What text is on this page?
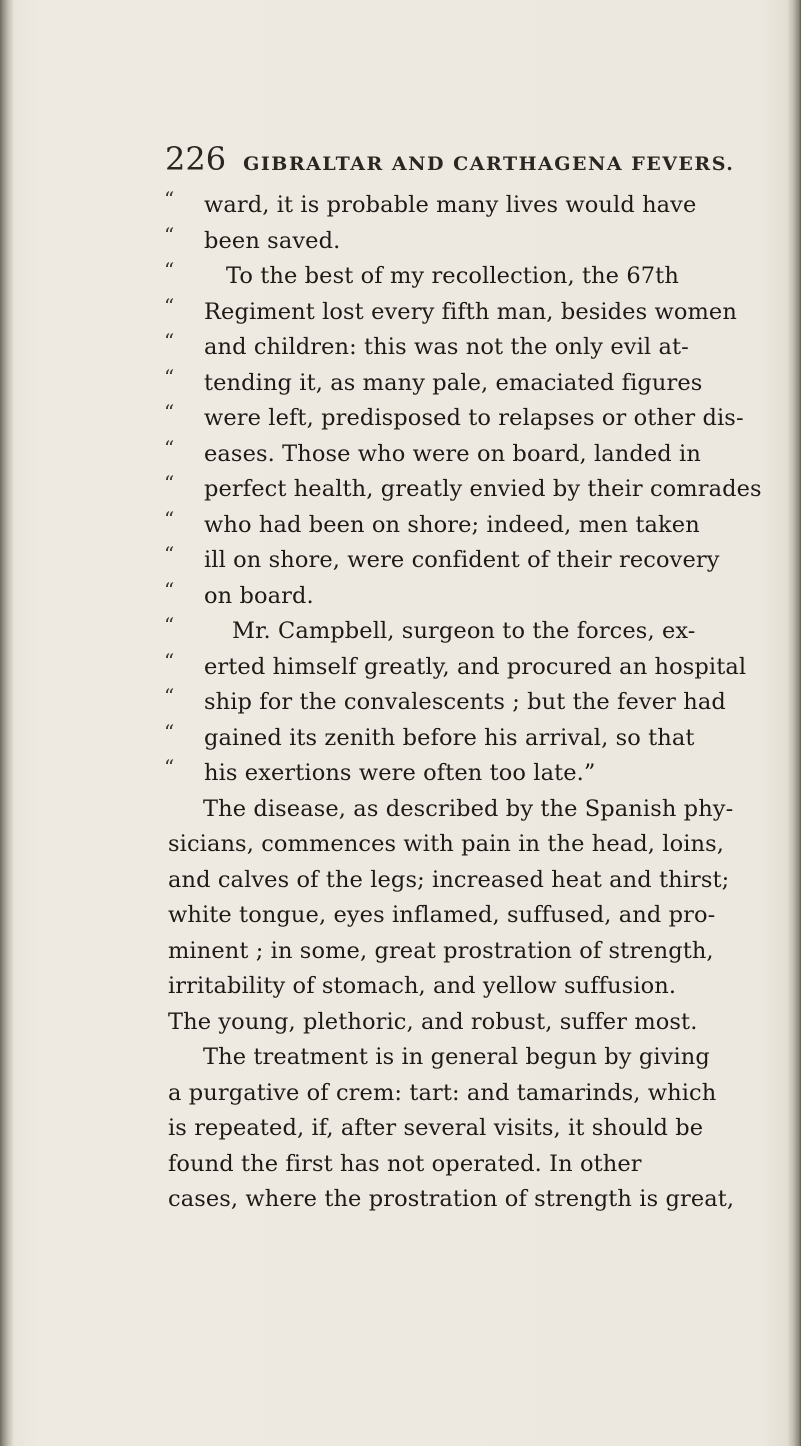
226 GIBRALTAR AND CARTHAGENA FEVERS.
“ ward, it is probable many lives would have
“ been saved.
“ To the best of my recollection, the 67th
“ Regiment lost every fifth man, besides women
“ and children: this was not the only evil at-
“ tending it, as many pale, emaciated figures
“ were left, predisposed to relapses or other dis-
“ eases. Those who were on board, landed in
“ perfect health, greatly envied by their comrades
“ who had been on shore; indeed, men taken
“ ill on shore, were confident of their recovery
“ on board.
“	Mr. Campbell, surgeon to the forces, ex-
“ erted himself greatly, and procured an hospital
“ ship for the convalescents ; but the fever had
“ gained its zenith before his arrival, so that
“ his exertions were often too late.”
The disease, as described by the Spanish phy-
sicians, commences with pain in the head, loins,
and calves of the legs; increased heat and thirst;
white tongue, eyes inflamed, suffused, and pro-
minent ; in some, great prostration of strength,
irritability of stomach, and yellow suffusion.
The young, plethoric, and robust, suffer most.
The treatment is in general begun by giving
a purgative of crem: tart: and tamarinds, which
is repeated, if, after several visits, it should be
found the first has not operated. In other
cases, where the prostration of strength is great,
